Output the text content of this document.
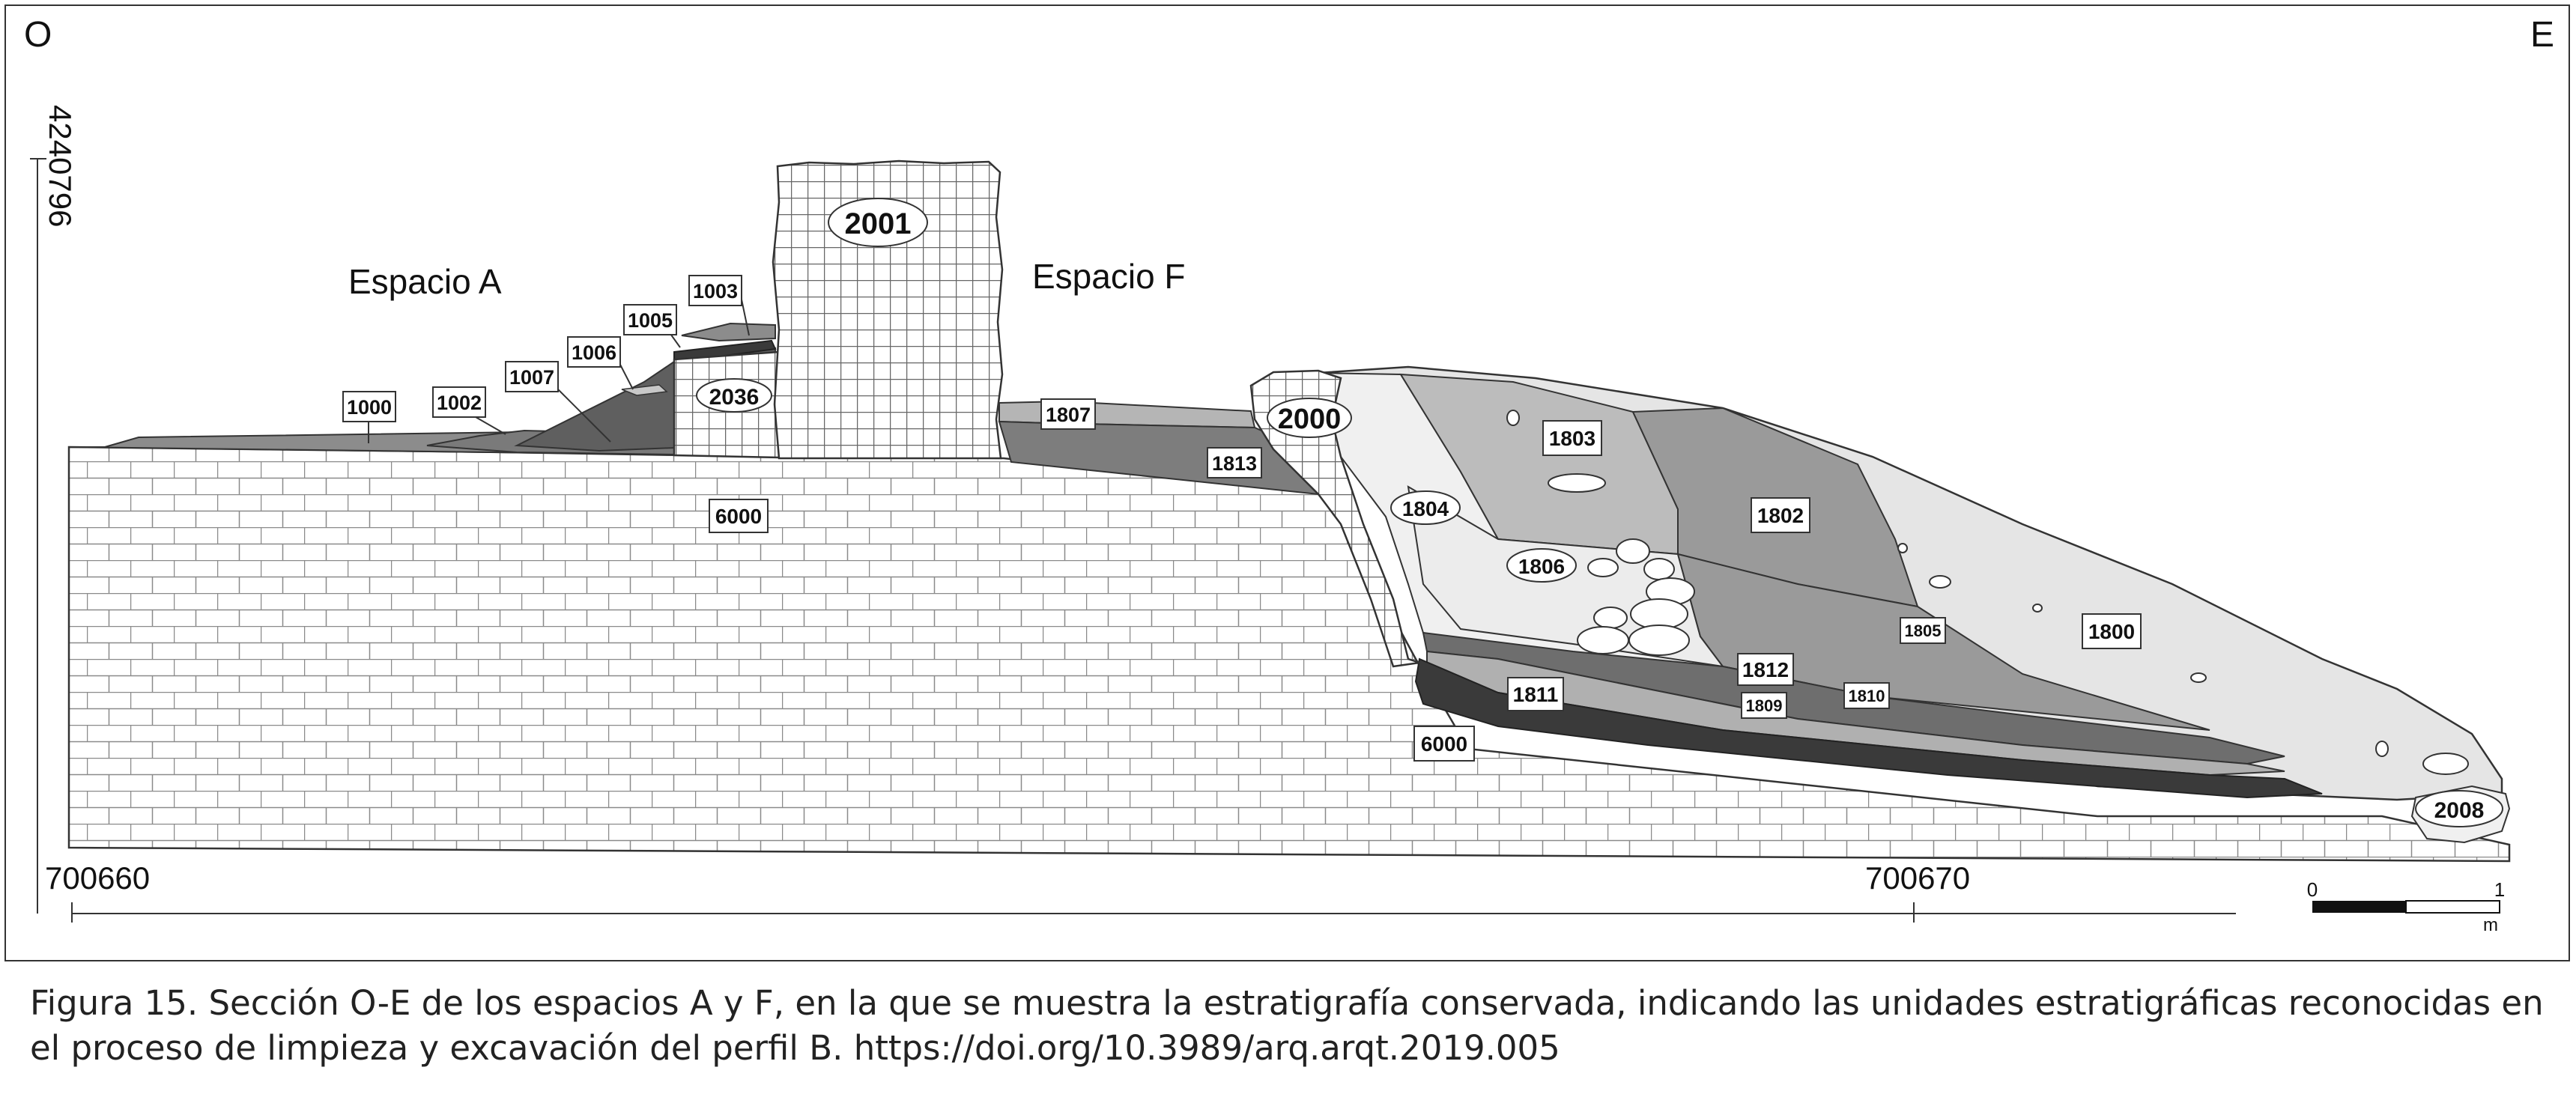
4240796
700660	700670
O	E
Espacio A	Espacio F
2001
2036
2000
1804
1806
2008
1000 1002
1007
1006
1005
1003
1807
1813
1803
1802
1805	1800
1812
1811	1809
1810
6000
6000
0	1
m
Figura 15. Sección O-E de los espacios A y F, en la que se muestra la estratigrafía conservada, indicando las unidades estratigráficas reconocidas en el proceso de limpieza y excavación del perfil B. https://doi.org/10.3989/arq.arqt.2019.005
